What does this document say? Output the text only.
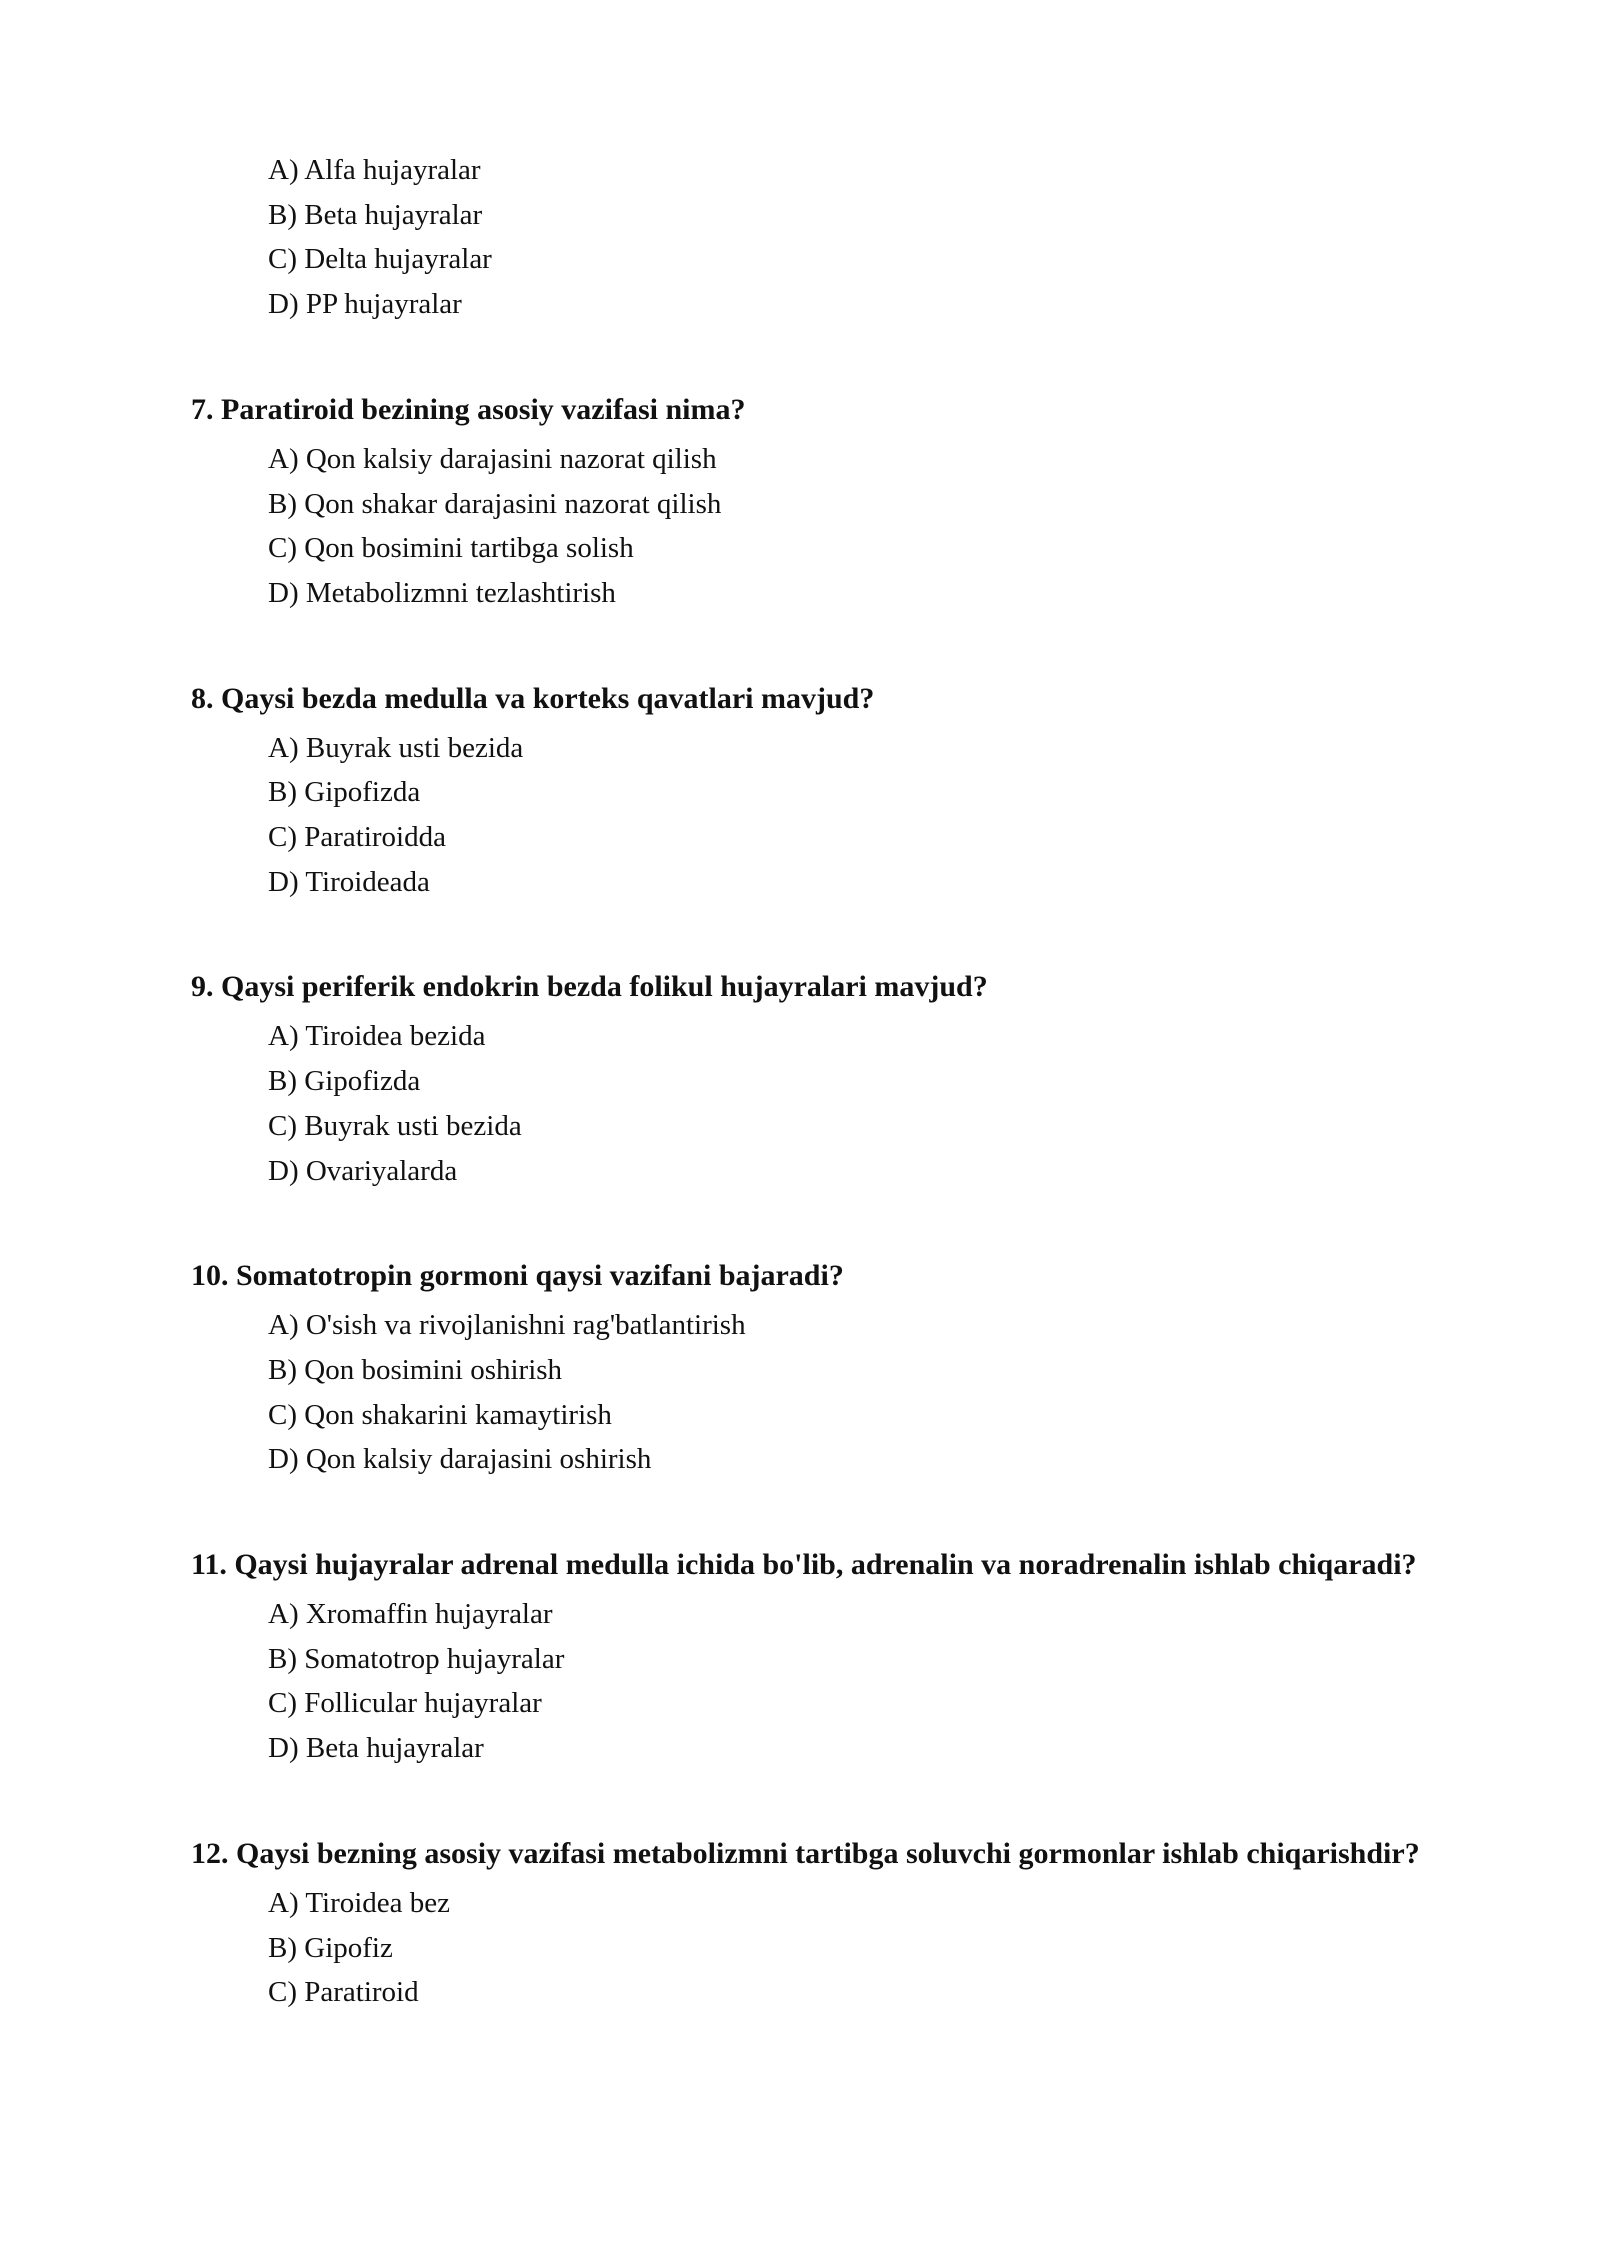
A) Alfa hujayralar
B) Beta hujayralar
C) Delta hujayralar
D) PP hujayralar

7. Paratiroid bezining asosiy vazifasi nima?

A) Qon kalsiy darajasini nazorat qilish
B) Qon shakar darajasini nazorat qilish
C) Qon bosimini tartibga solish
D) Metabolizmni tezlashtirish

8. Qaysi bezda medulla va korteks qavatlari mavjud?

A) Buyrak usti bezida
B) Gipofizda
C) Paratiroidda
D) Tiroideada

9. Qaysi periferik endokrin bezda folikul hujayralari mavjud?

A) Tiroidea bezida
B) Gipofizda
C) Buyrak usti bezida
D) Ovariyalarda

10. Somatotropin gormoni qaysi vazifani bajaradi?

A) O'sish va rivojlanishni rag'batlantirish
B) Qon bosimini oshirish
C) Qon shakarini kamaytirish
D) Qon kalsiy darajasini oshirish

11. Qaysi hujayralar adrenal medulla ichida bo'lib, adrenalin va noradrenalin ishlab chiqaradi?

A) Xromaffin hujayralar
B) Somatotrop hujayralar
C) Follicular hujayralar
D) Beta hujayralar

12. Qaysi bezning asosiy vazifasi metabolizmni tartibga soluvchi gormonlar ishlab chiqarishdir?

A) Tiroidea bez
B) Gipofiz
C) Paratiroid
